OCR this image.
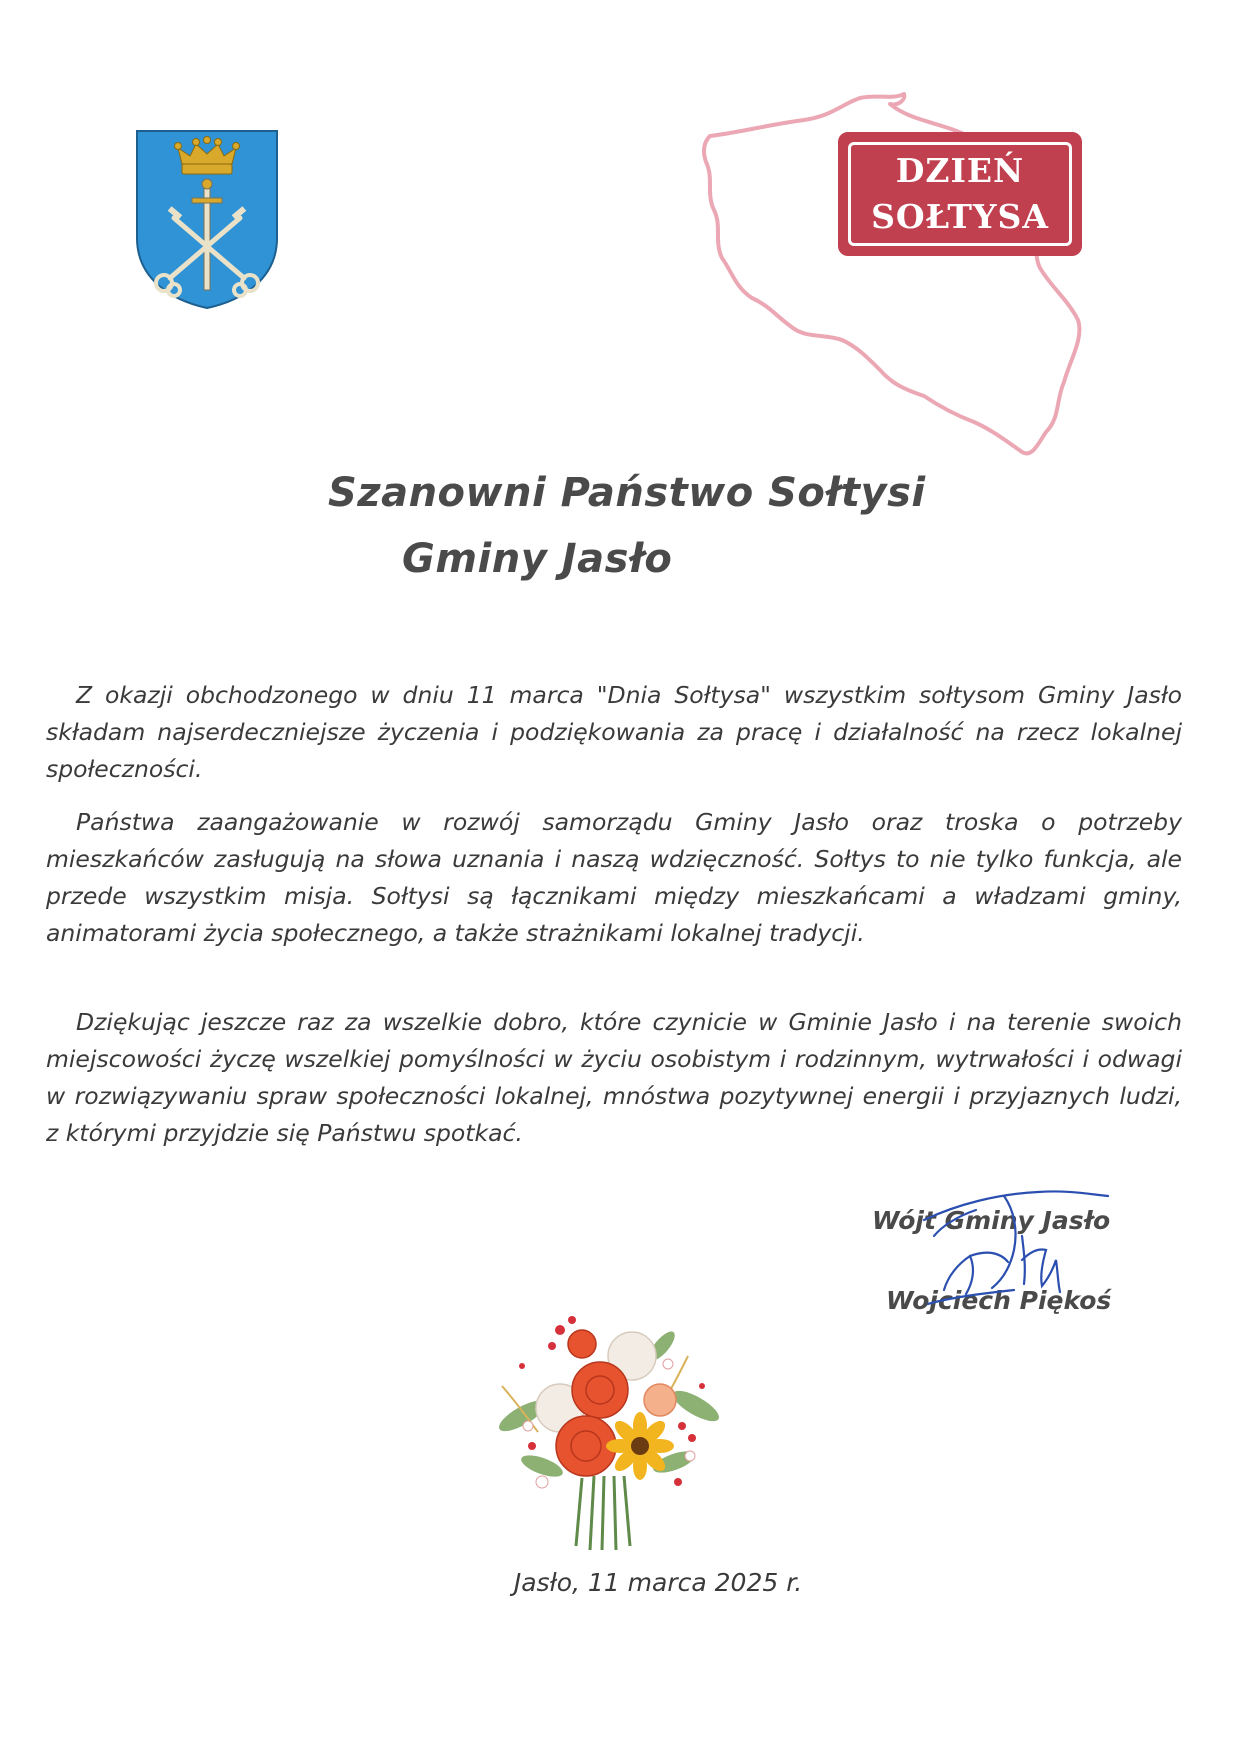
DZIEŃ
SOŁTYSA
Szanowni Państwo Sołtysi
Gminy Jasło

Z okazji obchodzonego w dniu 11 marca "Dnia Sołtysa" wszystkim sołtysom Gminy Jasło składam najserdeczniejsze życzenia i podziękowania za pracę i działalność na rzecz lokalnej społeczności.

Państwa zaangażowanie w rozwój samorządu Gminy Jasło oraz troska o potrzeby mieszkańców zasługują na słowa uznania i naszą wdzięczność. Sołtys to nie tylko funkcja, ale przede wszystkim misja. Sołtysi są łącznikami między mieszkańcami a władzami gminy, animatorami życia społecznego, a także strażnikami lokalnej tradycji.

Dziękując jeszcze raz za wszelkie dobro, które czynicie w Gminie Jasło i na terenie swoich miejscowości życzę wszelkiej pomyślności w życiu osobistym i rodzinnym, wytrwałości i odwagi w rozwiązywaniu spraw społeczności lokalnej, mnóstwa pozytywnej energii i przyjaznych ludzi, z którymi przyjdzie się Państwu spotkać.

Wójt Gminy Jasło
Wojciech Piękoś
Jasło, 11 marca 2025 r.
